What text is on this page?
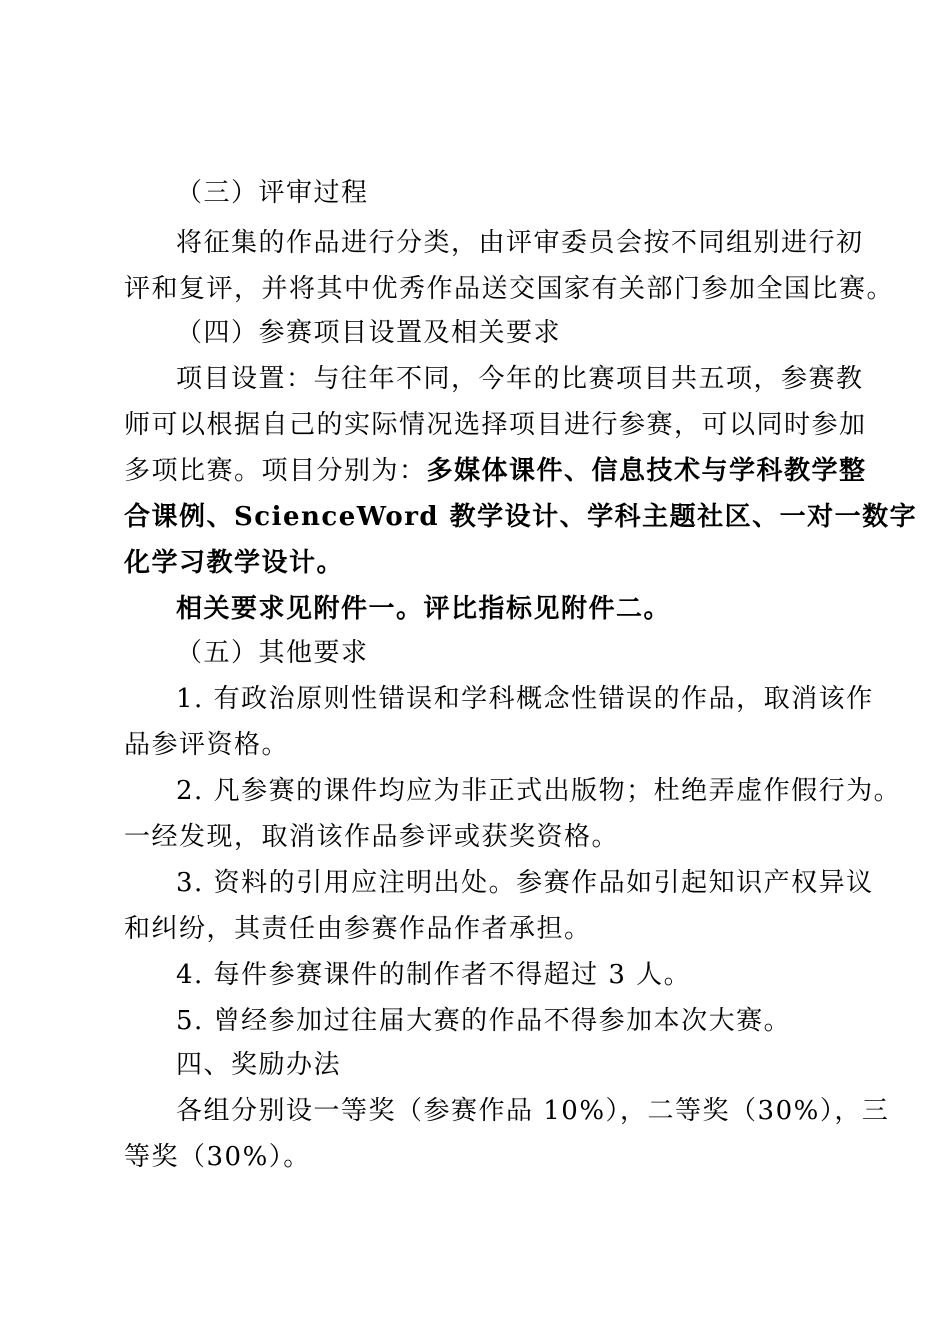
（三）评审过程
将征集的作品进行分类，由评审委员会按不同组别进行初
评和复评，并将其中优秀作品送交国家有关部门参加全国比赛。
（四）参赛项目设置及相关要求
项目设置：与往年不同，今年的比赛项目共五项，参赛教
师可以根据自己的实际情况选择项目进行参赛，可以同时参加
多项比赛。项目分别为：多媒体课件、信息技术与学科教学整
合课例、ScienceWord 教学设计、学科主题社区、一对一数字
化学习教学设计。
相关要求见附件一。评比指标见附件二。
（五）其他要求
1. 有政治原则性错误和学科概念性错误的作品，取消该作
品参评资格。
2. 凡参赛的课件均应为非正式出版物；杜绝弄虚作假行为。
一经发现，取消该作品参评或获奖资格。
3. 资料的引用应注明出处。参赛作品如引起知识产权异议
和纠纷，其责任由参赛作品作者承担。
4. 每件参赛课件的制作者不得超过 3 人。
5. 曾经参加过往届大赛的作品不得参加本次大赛。
四、奖励办法
各组分别设一等奖（参赛作品 10%），二等奖（30%），三
等奖（30%）。
